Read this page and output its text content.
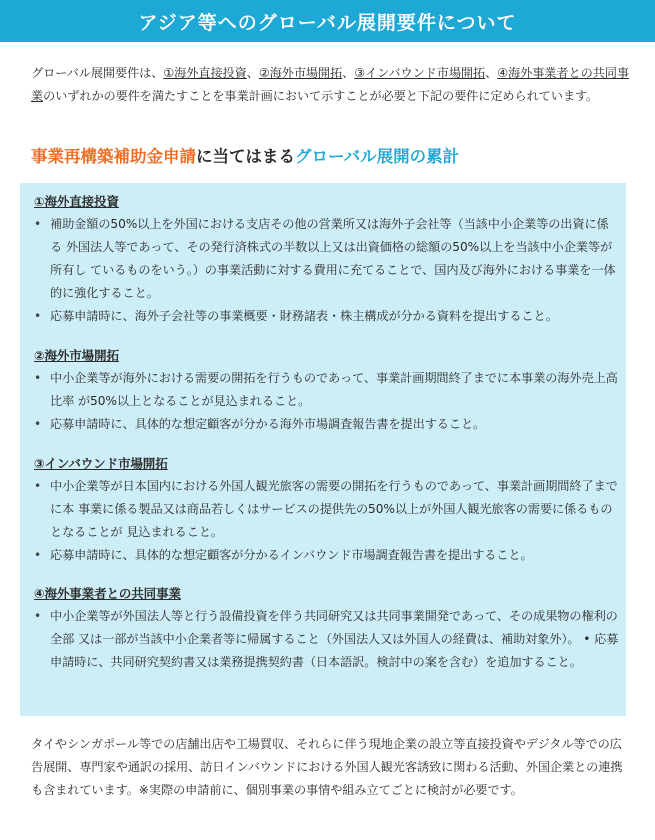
アジア等へのグローバル展開要件について

グローバル展開要件は、①海外直接投資、②海外市場開拓、③インバウンド市場開拓、④海外事業者との共同事業のいずれかの要件を満たすことを事業計画において示すことが必要と下記の要件に定められています。

事業再構築補助金申請に当てはまるグローバル展開の累計
①海外直接投資
• 補助金額の50%以上を外国における支店その他の営業所又は海外子会社等（当該中小企業等の出資に係る 外国法人等であって、その発行済株式の半数以上又は出資価格の総額の50%以上を当該中小企業等が所有し ているものをいう。）の事業活動に対する費用に充てることで、国内及び海外における事業を一体的に強化すること。
• 応募申請時に、海外子会社等の事業概要・財務諸表・株主構成が分かる資料を提出すること。
②海外市場開拓
• 中小企業等が海外における需要の開拓を行うものであって、事業計画期間終了までに本事業の海外売上高比率 が50%以上となることが見込まれること。
• 応募申請時に、具体的な想定顧客が分かる海外市場調査報告書を提出すること。
③インバウンド市場開拓
• 中小企業等が日本国内における外国人観光旅客の需要の開拓を行うものであって、事業計画期間終了までに本 事業に係る製品又は商品若しくはサービスの提供先の50%以上が外国人観光旅客の需要に係るものとなることが 見込まれること。
• 応募申請時に、具体的な想定顧客が分かるインバウンド市場調査報告書を提出すること。
④海外事業者との共同事業
• 中小企業等が外国法人等と行う設備投資を伴う共同研究又は共同事業開発であって、その成果物の権利の全部 又は一部が当該中小企業者等に帰属すること（外国法人又は外国人の経費は、補助対象外）。 • 応募申請時に、共同研究契約書又は業務提携契約書（日本語訳。検討中の案を含む）を追加すること。

タイやシンガポール等での店舗出店や工場買収、それらに伴う現地企業の設立等直接投資やデジタル等での広告展開、専門家や通訳の採用、訪日インバウンドにおける外国人観光客誘致に関わる活動、外国企業との連携も含まれています。※実際の申請前に、個別事業の事情や組み立てごとに検討が必要です。
